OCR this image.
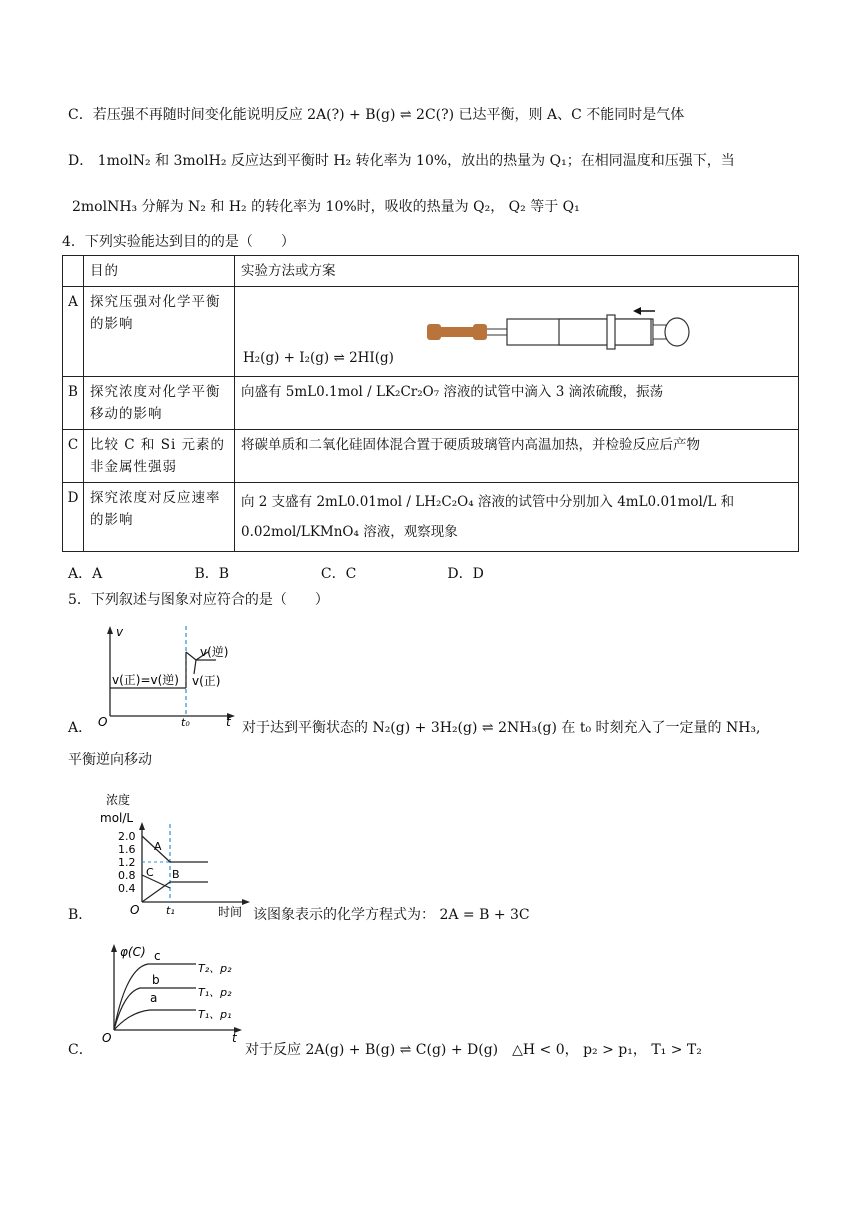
C．若压强不再随时间变化能说明反应 2A(?) + B(g) ⇌ 2C(?) 已达平衡，则 A、C 不能同时是气体
D． 1molN₂ 和 3molH₂ 反应达到平衡时 H₂ 转化率为 10%，放出的热量为 Q₁；在相同温度和压强下，当
2molNH₃ 分解为 N₂ 和 H₂ 的转化率为 10%时，吸收的热量为 Q₂， Q₂ 等于 Q₁
4．下列实验能达到目的的是（　　）
	目的	实验方法或方案
A	探究压强对化学平衡的影响	H₂(g) + I₂(g) ⇌ 2HI(g)

B	探究浓度对化学平衡移动的影响	向盛有 5mL0.1mol / LK₂Cr₂O₇ 溶液的试管中滴入 3 滴浓硫酸，振荡
C	比较 C 和 Si 元素的非金属性强弱	将碳单质和二氧化硅固体混合置于硬质玻璃管内高温加热，并检验反应后产物
D	探究浓度对反应速率的影响	向 2 支盛有 2mL0.01mol / LH₂C₂O₄ 溶液的试管中分别加入 4mL0.01mol/L 和 0.02mol/LKMnO₄ 溶液，观察现象
A．A	B．B	C．C	D．D
5．下列叙述与图象对应符合的是（　　）
v
t
O	t₀
v(正)=v(逆)
v(逆)
v(正)
A．	对于达到平衡状态的 N₂(g) + 3H₂(g) ⇌ 2NH₃(g) 在 t₀ 时刻充入了一定量的 NH₃,
平衡逆向移动
浓度
mol/L
2.0
1.6
1.2
0.8
0.4
A
C B
O t₁	时间
B．	该图象表示的化学方程式为： 2A = B + 3C
φ(C) c
b
a
T₂、p₂
T₁、p₂
T₁、p₁
O	t
C．	对于反应 2A(g) + B(g) ⇌ C(g) + D(g)　△H < 0， p₂ > p₁， T₁ > T₂
